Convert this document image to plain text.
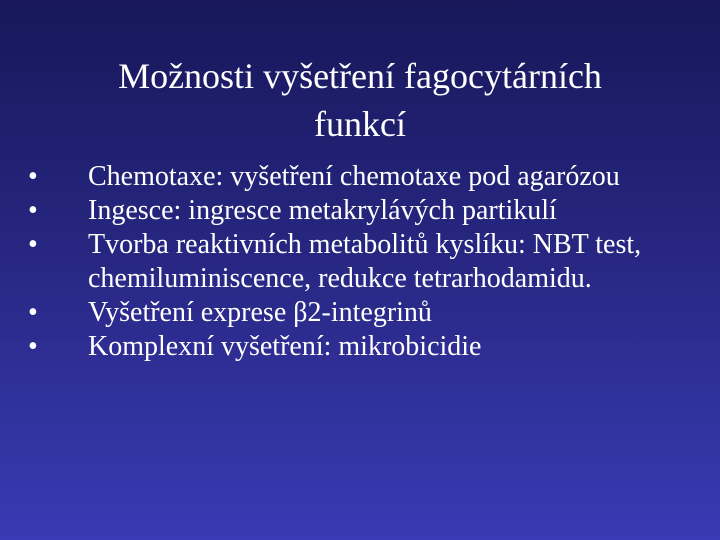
Možnosti vyšetření fagocytárních
funkcí
•	Chemotaxe: vyšetření chemotaxe pod agarózou
•	Ingesce: ingresce metakrylávých partikulí
•	Tvorba reaktivních metabolitů kyslíku: NBT test, chemiluminiscence, redukce tetrarhodamidu.
•	Vyšetření exprese β2-integrinů
•	Komplexní vyšetření: mikrobicidie
